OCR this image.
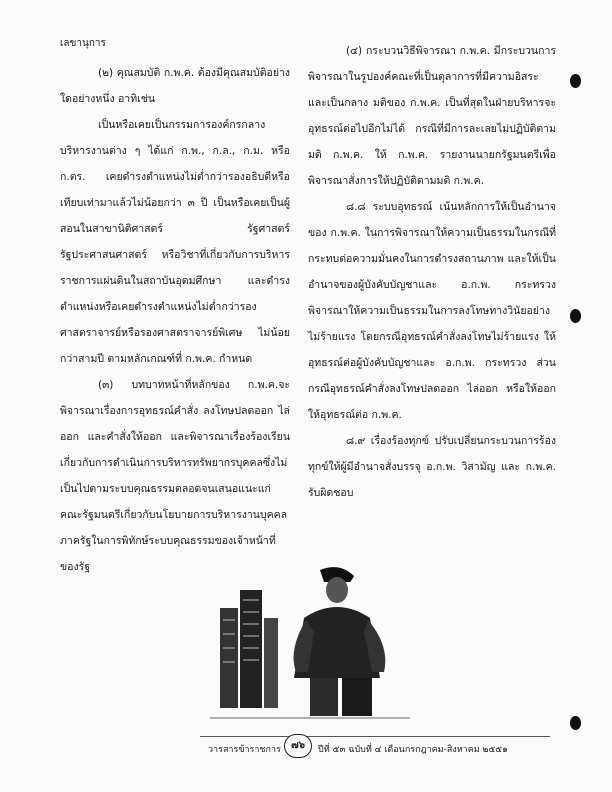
เลขานุการ

(๒) คุณสมบัติ ก.พ.ค. ต้องมีคุณสมบัติอย่างใดอย่างหนึ่ง อาทิเช่น

เป็นหรือเคยเป็นกรรมการองค์กรกลางบริหารงานต่าง ๆ ได้แก่ ก.พ., ก.ล., ก.ม. หรือ ก.ตร. เคยดำรงตำแหน่งไม่ต่ำกว่ารองอธิบดีหรือเทียบเท่ามาแล้วไม่น้อยกว่า ๓ ปี เป็นหรือเคยเป็นผู้สอนในสาขานิติศาสตร์ รัฐศาสตร์ รัฐประศาสนศาสตร์ หรือวิชาที่เกี่ยวกับการบริหารราชการแผ่นดินในสถาบันอุดมศึกษา และดำรงตำแหน่งหรือเคยดำรงตำแหน่งไม่ต่ำกว่ารองศาสตราจารย์หรือรองศาสตราจารย์พิเศษ ไม่น้อยกว่าสามปี ตามหลักเกณฑ์ที่ ก.พ.ค. กำหนด

(๓) บทบาทหน้าที่หลักของ ก.พ.ค.จะพิจารณาเรื่องการอุทธรณ์คำสั่ง ลงโทษปลดออก ไล่ออก และคำสั่งให้ออก และพิจารณาเรื่องร้องเรียนเกี่ยวกับการดำเนินการบริหารทรัพยากรบุคคลซึ่งไม่เป็นไปตามระบบคุณธรรมตลอดจนเสนอแนะแก่คณะรัฐมนตรีเกี่ยวกับนโยบายการบริหารงานบุคคลภาครัฐในการพิทักษ์ระบบคุณธรรมของเจ้าหน้าที่ของรัฐ

(๔) กระบวนวิธีพิจารณา ก.พ.ค. มีกระบวนการพิจารณาในรูปองค์คณะที่เป็นตุลาการที่มีความอิสระและเป็นกลาง มติของ ก.พ.ค. เป็นที่สุดในฝ่ายบริหารจะอุทธรณ์ต่อไปอีกไม่ได้ กรณีที่มีการละเลยไม่ปฏิบัติตามมติ ก.พ.ค. ให้ ก.พ.ค. รายงานนายกรัฐมนตรีเพื่อพิจารณาสั่งการให้ปฏิบัติตามมติ ก.พ.ค.

๘.๘ ระบบอุทธรณ์ เน้นหลักการให้เป็นอำนาจของ ก.พ.ค. ในการพิจารณาให้ความเป็นธรรมในกรณีที่กระทบต่อความมั่นคงในการดำรงสถานภาพ และให้เป็นอำนาจของผู้บังคับบัญชาและ อ.ก.พ. กระทรวง พิจารณาให้ความเป็นธรรมในการลงโทษทางวินัยอย่างไม่ร้ายแรง โดยกรณีอุทธรณ์คำสั่งลงโทษไม่ร้ายแรง ให้อุทธรณ์ต่อผู้บังคับบัญชาและ อ.ก.พ. กระทรวง ส่วนกรณีอุทธรณ์คำสั่งลงโทษปลดออก ไล่ออก หรือให้ออก ให้อุทธรณ์ต่อ ก.พ.ค.

๘.๙ เรื่องร้องทุกข์ ปรับเปลี่ยนกระบวนการร้องทุกข์ให้ผู้มีอำนาจสั่งบรรจุ อ.ก.พ. วิสามัญ และ ก.พ.ค. รับผิดชอบ

วารสารข้าราชการ	๗๖	ปีที่ ๕๓ ฉบับที่ ๔ เดือนกรกฎาคม-สิงหาคม ๒๕๕๑
